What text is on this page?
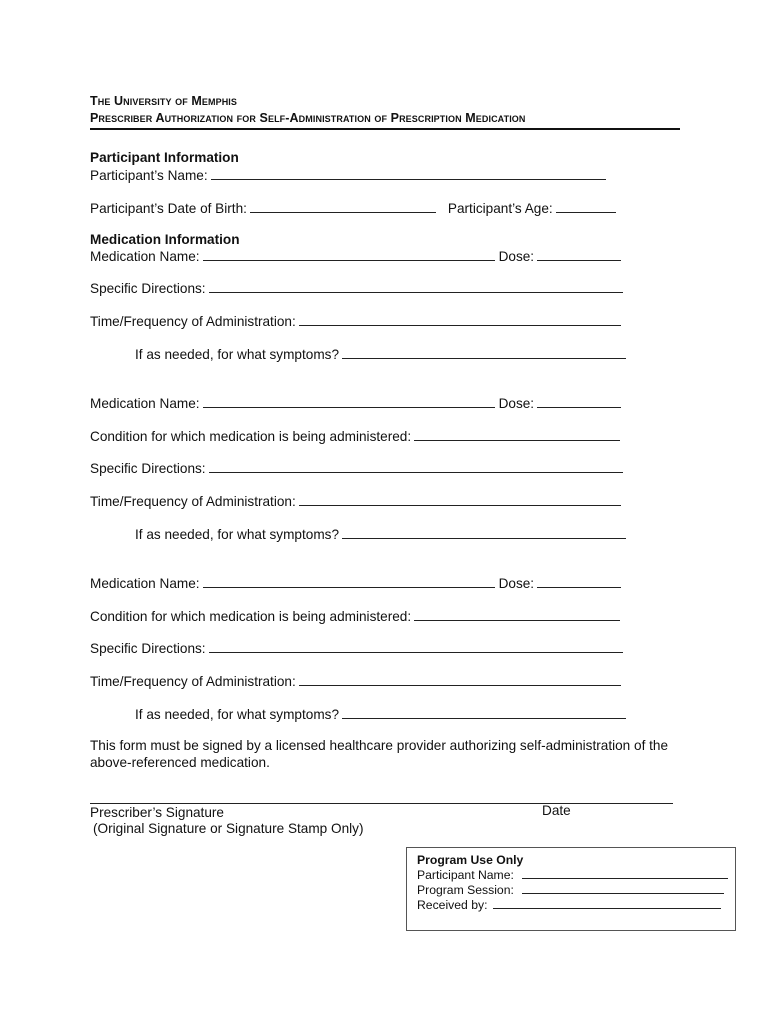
The University of Memphis
Prescriber Authorization for Self-Administration of Prescription Medication
Participant Information
Participant’s Name:
Participant’s Date of Birth:	Participant’s Age:
Medication Information
Medication Name:	Dose:
Specific Directions:
Time/Frequency of Administration:
If as needed, for what symptoms?
Medication Name:	Dose:
Condition for which medication is being administered:
Specific Directions:
Time/Frequency of Administration:
If as needed, for what symptoms?
Medication Name:	Dose:
Condition for which medication is being administered:
Specific Directions:
Time/Frequency of Administration:
If as needed, for what symptoms?
This form must be signed by a licensed healthcare provider authorizing self-administration of the above-referenced medication.
Prescriber’s Signature	Date
(Original Signature or Signature Stamp Only)
Program Use Only
Participant Name:
Program Session:
Received by:
